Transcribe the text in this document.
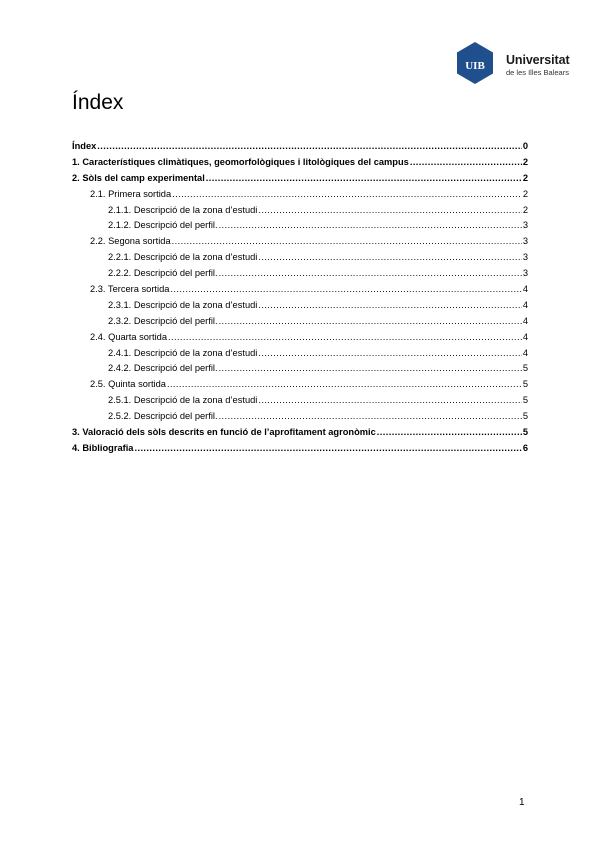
UIB Universitat
de les Illes Balears
Índex
Índex .....	0
1. Característiques climàtiques, geomorfològiques i litològiques del campus .....	2
2. Sòls del camp experimental .....	2
2.1. Primera sortida .....	2
2.1.1. Descripció de la zona d’estudi .....	2
2.1.2. Descripció del perfil. .....	3
2.2. Segona sortida .....	3
2.2.1. Descripció de la zona d’estudi .....	3
2.2.2. Descripció del perfil. .....	3
2.3. Tercera sortida .....	4
2.3.1. Descripció de la zona d’estudi .....	4
2.3.2. Descripció del perfil. .....	4
2.4. Quarta sortida .....	4
2.4.1. Descripció de la zona d’estudi .....	4
2.4.2. Descripció del perfil. .....	5
2.5. Quinta sortida .....	5
2.5.1. Descripció de la zona d’estudi .....	5
2.5.2. Descripció del perfil. .....	5
3. Valoració dels sòls descrits en funció de l’aprofitament agronòmic .....	5
4. Bibliografia .....	6
1
